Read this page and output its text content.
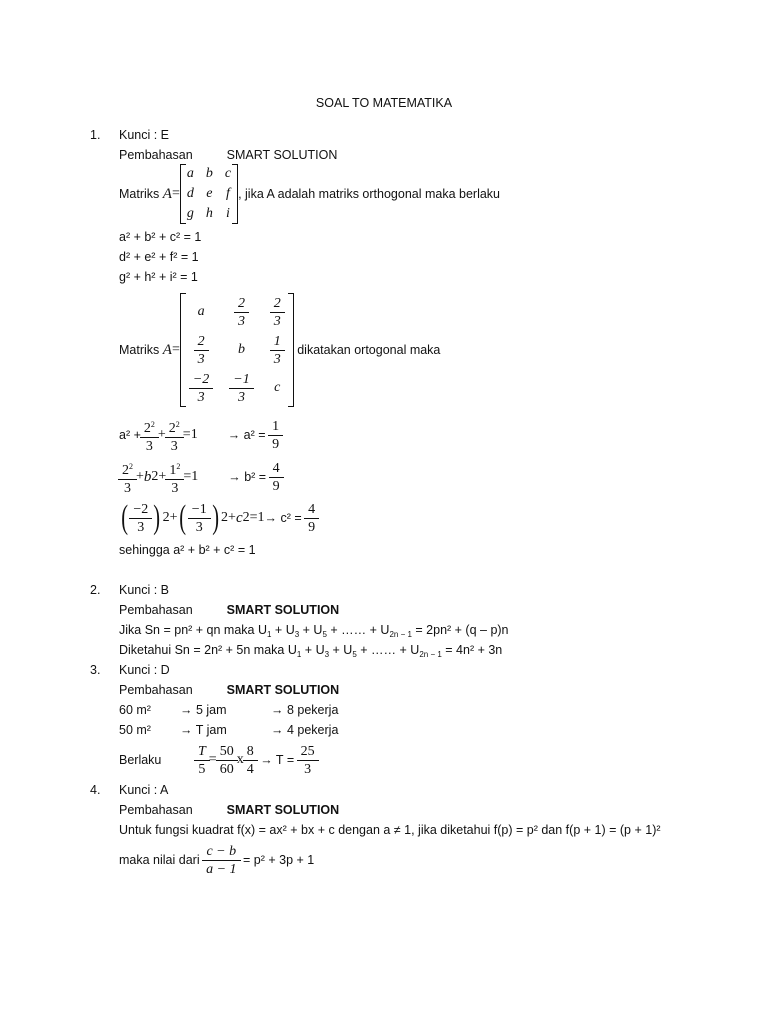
SOAL TO MATEMATIKA
1. Kunci : E
Pembahasan	SMART SOLUTION
Matriks
A =
a	b	c
d	e	f
g	h	i
, jika A adalah matriks orthogonal maka berlaku
a² + b² + c² = 1
d² + e² + f² = 1
g² + h² + i² = 1
Matriks
A =
a	$\frac{2}{3}$	$\frac{2}{3}$

$\frac{2}{3}$	b	$\frac{1}{3}$

$\frac{-2}{3}$	$\frac{-1}{3}$	c

dikatakan ortogonal maka
$a^2 + \frac{2^2}{3} + \frac{2^2}{3} =1 \to a^2$ =
$\frac{1}{9}$
$\frac{2^2}{3} + b$ $2 + \frac{1^2}{3} =1 \to b^2$ =
$\frac{4}{9}$
( $\frac{-2}{3}$ ) 2 + ( $\frac{-1}{3}$ ) 2 + c 2 =1 → c² =
$\frac{4}{9}$
sehingga a² + b² + c² = 1
2. Kunci : B
Pembahasan	SMART SOLUTION
Jika Sn = pn² + qn maka $U_1 + U_3 + U_5$ + …… + $U_{2n - 1} = 2pn^2 + (q - p)n$
Diketahui Sn = 2n² + 5n maka $U_1 + U_3 + U_5$ + …… + $U_{2n - 1} = 4n^2 + 3n$
3. Kunci : D
Pembahasan	SMART SOLUTION
60 m² → 5 jam	→ 8 pekerja
50 m² → T jam	→ 4 pekerja
Berlaku	$\frac{T}{5} = \frac{50}{60}$ x $\frac{8}{4}$
→ T =
$\frac{25}{3}$
4. Kunci : A
Pembahasan	SMART SOLUTION
Untuk fungsi kuadrat f(x) = ax² + bx + c dengan a ≠ 1, jika diketahui f(p) = p² dan f(p + 1) = (p + 1)²
maka nilai dari
$\frac{c - b}{a - 1}$
= p² + 3p + 1
